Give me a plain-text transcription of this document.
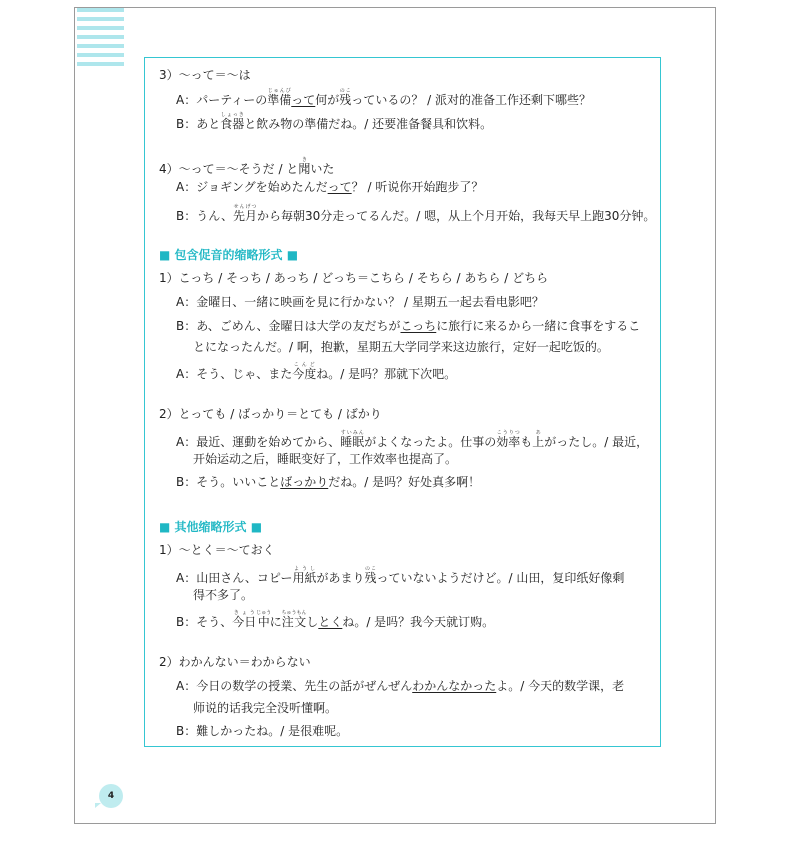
3）～って＝～は
A：パーティーの準備じゅんびって何が残のこっているの？ / 派对的准备工作还剩下哪些？
B：あと食器しょっきと飲み物の準備だね。/ 还要准备餐具和饮料。
4）～って＝～そうだ / と聞きいた
A：ジョギングを始めたんだって？ / 听说你开始跑步了？
B：うん、先月せんげつから毎朝30分走ってるんだ。/ 嗯，从上个月开始，我每天早上跑30分钟。
■ 包含促音的缩略形式 ■
1）こっち / そっち / あっち / どっち＝こちら / そちら / あちら / どちら
A：金曜日、一緒に映画を見に行かない？ / 星期五一起去看电影吧？
B：あ、ごめん、金曜日は大学の友だちがこっちに旅行に来るから一緒に食事をするこ
とになったんだ。/ 啊，抱歉，星期五大学同学来这边旅行，定好一起吃饭的。
A：そう、じゃ、また今度こんどね。/ 是吗？那就下次吧。
2）とっても / ばっかり＝とても / ばかり
A：最近、運動を始めてから、睡眠すいみんがよくなったよ。仕事の効率こうりつも上あがったし。/ 最近，
开始运动之后，睡眠变好了，工作效率也提高了。
B：そう。いいことばっかりだね。/ 是吗？好处真多啊！
■ 其他缩略形式 ■
1）～とく＝～ておく
A：山田さん、コピー用紙ようしがあまり残のこっていないようだけど。/ 山田，复印纸好像剩
得不多了。
B：そう、今日きょう中じゅうに注文ちゅうもんしとくね。/ 是吗？我今天就订购。
2）わかんない＝わからない
A：今日の数学の授業、先生の話がぜんぜんわかんなかったよ。/ 今天的数学课，老
师说的话我完全没听懂啊。
B：難しかったね。/ 是很难呢。
4
